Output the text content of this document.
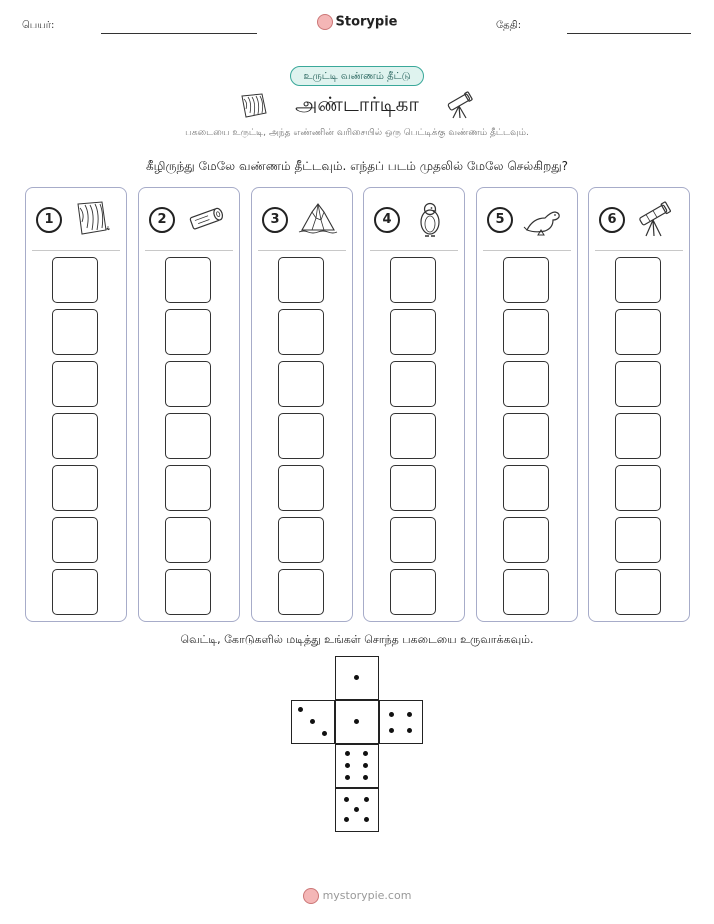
பெயர்:	Storypie	தேதி:
உருட்டி வண்ணம் தீட்டு
அண்டார்டிகா
பகடையை உருட்டி, அந்த எண்ணின் வரிசையில் ஒரு பெட்டிக்கு வண்ணம் தீட்டவும்.
கீழிருந்து மேலே வண்ணம் தீட்டவும். எந்தப் படம் முதலில் மேலே செல்கிறது?
1	2	3	4	5	6
வெட்டி, கோடுகளில் மடித்து உங்கள் சொந்த பகடையை உருவாக்கவும்.
mystorypie.com
